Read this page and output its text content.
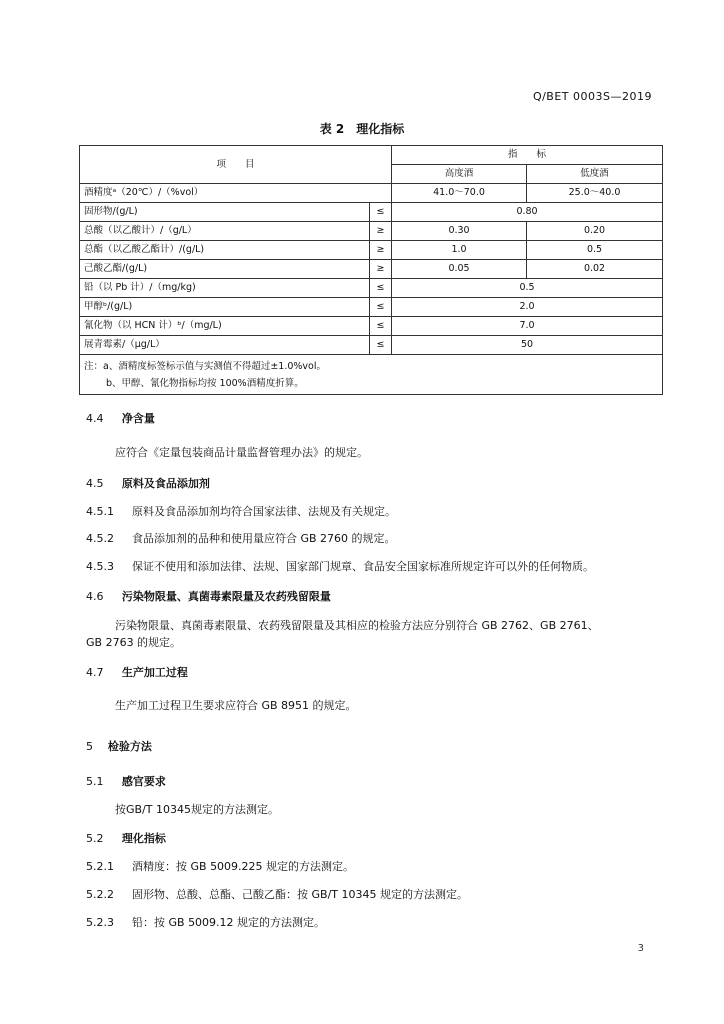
Q/BET 0003S—2019
表 2　理化指标
项　　目		指　　标	
		高度酒	低度酒
酒精度ᵃ（20℃）/（%vol）		41.0～70.0	25.0～40.0
固形物/(g/L)	≤	0.80	
总酸（以乙酸计）/（g/L）	≥	0.30	0.20
总酯（以乙酸乙酯计）/(g/L)	≥	1.0	0.5
己酸乙酯/(g/L)	≥	0.05	0.02
铅（以 Pb 计）/（mg/kg)	≤	0.5	
甲醇ᵇ/(g/L)	≤	2.0	
氰化物（以 HCN 计）ᵇ/（mg/L)	≤	7.0	
展青霉素/（μg/L）	≤	50	

注：a、酒精度标签标示值与实测值不得超过±1.0%vol。
b、甲醇、氰化物指标均按 100%酒精度折算。			
4.4 净含量
应符合《定量包装商品计量监督管理办法》的规定。
4.5 原料及食品添加剂
4.5.1 原料及食品添加剂均符合国家法律、法规及有关规定。
4.5.2 食品添加剂的品种和使用量应符合 GB 2760 的规定。
4.5.3 保证不使用和添加法律、法规、国家部门规章、食品安全国家标准所规定许可以外的任何物质。
4.6 污染物限量、真菌毒素限量及农药残留限量
污染物限量、真菌毒素限量、农药残留限量及其相应的检验方法应分别符合 GB 2762、GB 2761、
GB 2763 的规定。
4.7 生产加工过程
生产加工过程卫生要求应符合 GB 8951 的规定。
5 检验方法
5.1 感官要求
按GB/T 10345规定的方法测定。
5.2 理化指标
5.2.1 酒精度：按 GB 5009.225 规定的方法测定。
5.2.2 固形物、总酸、总酯、己酸乙酯：按 GB/T 10345 规定的方法测定。
5.2.3 铅：按 GB 5009.12 规定的方法测定。
3
